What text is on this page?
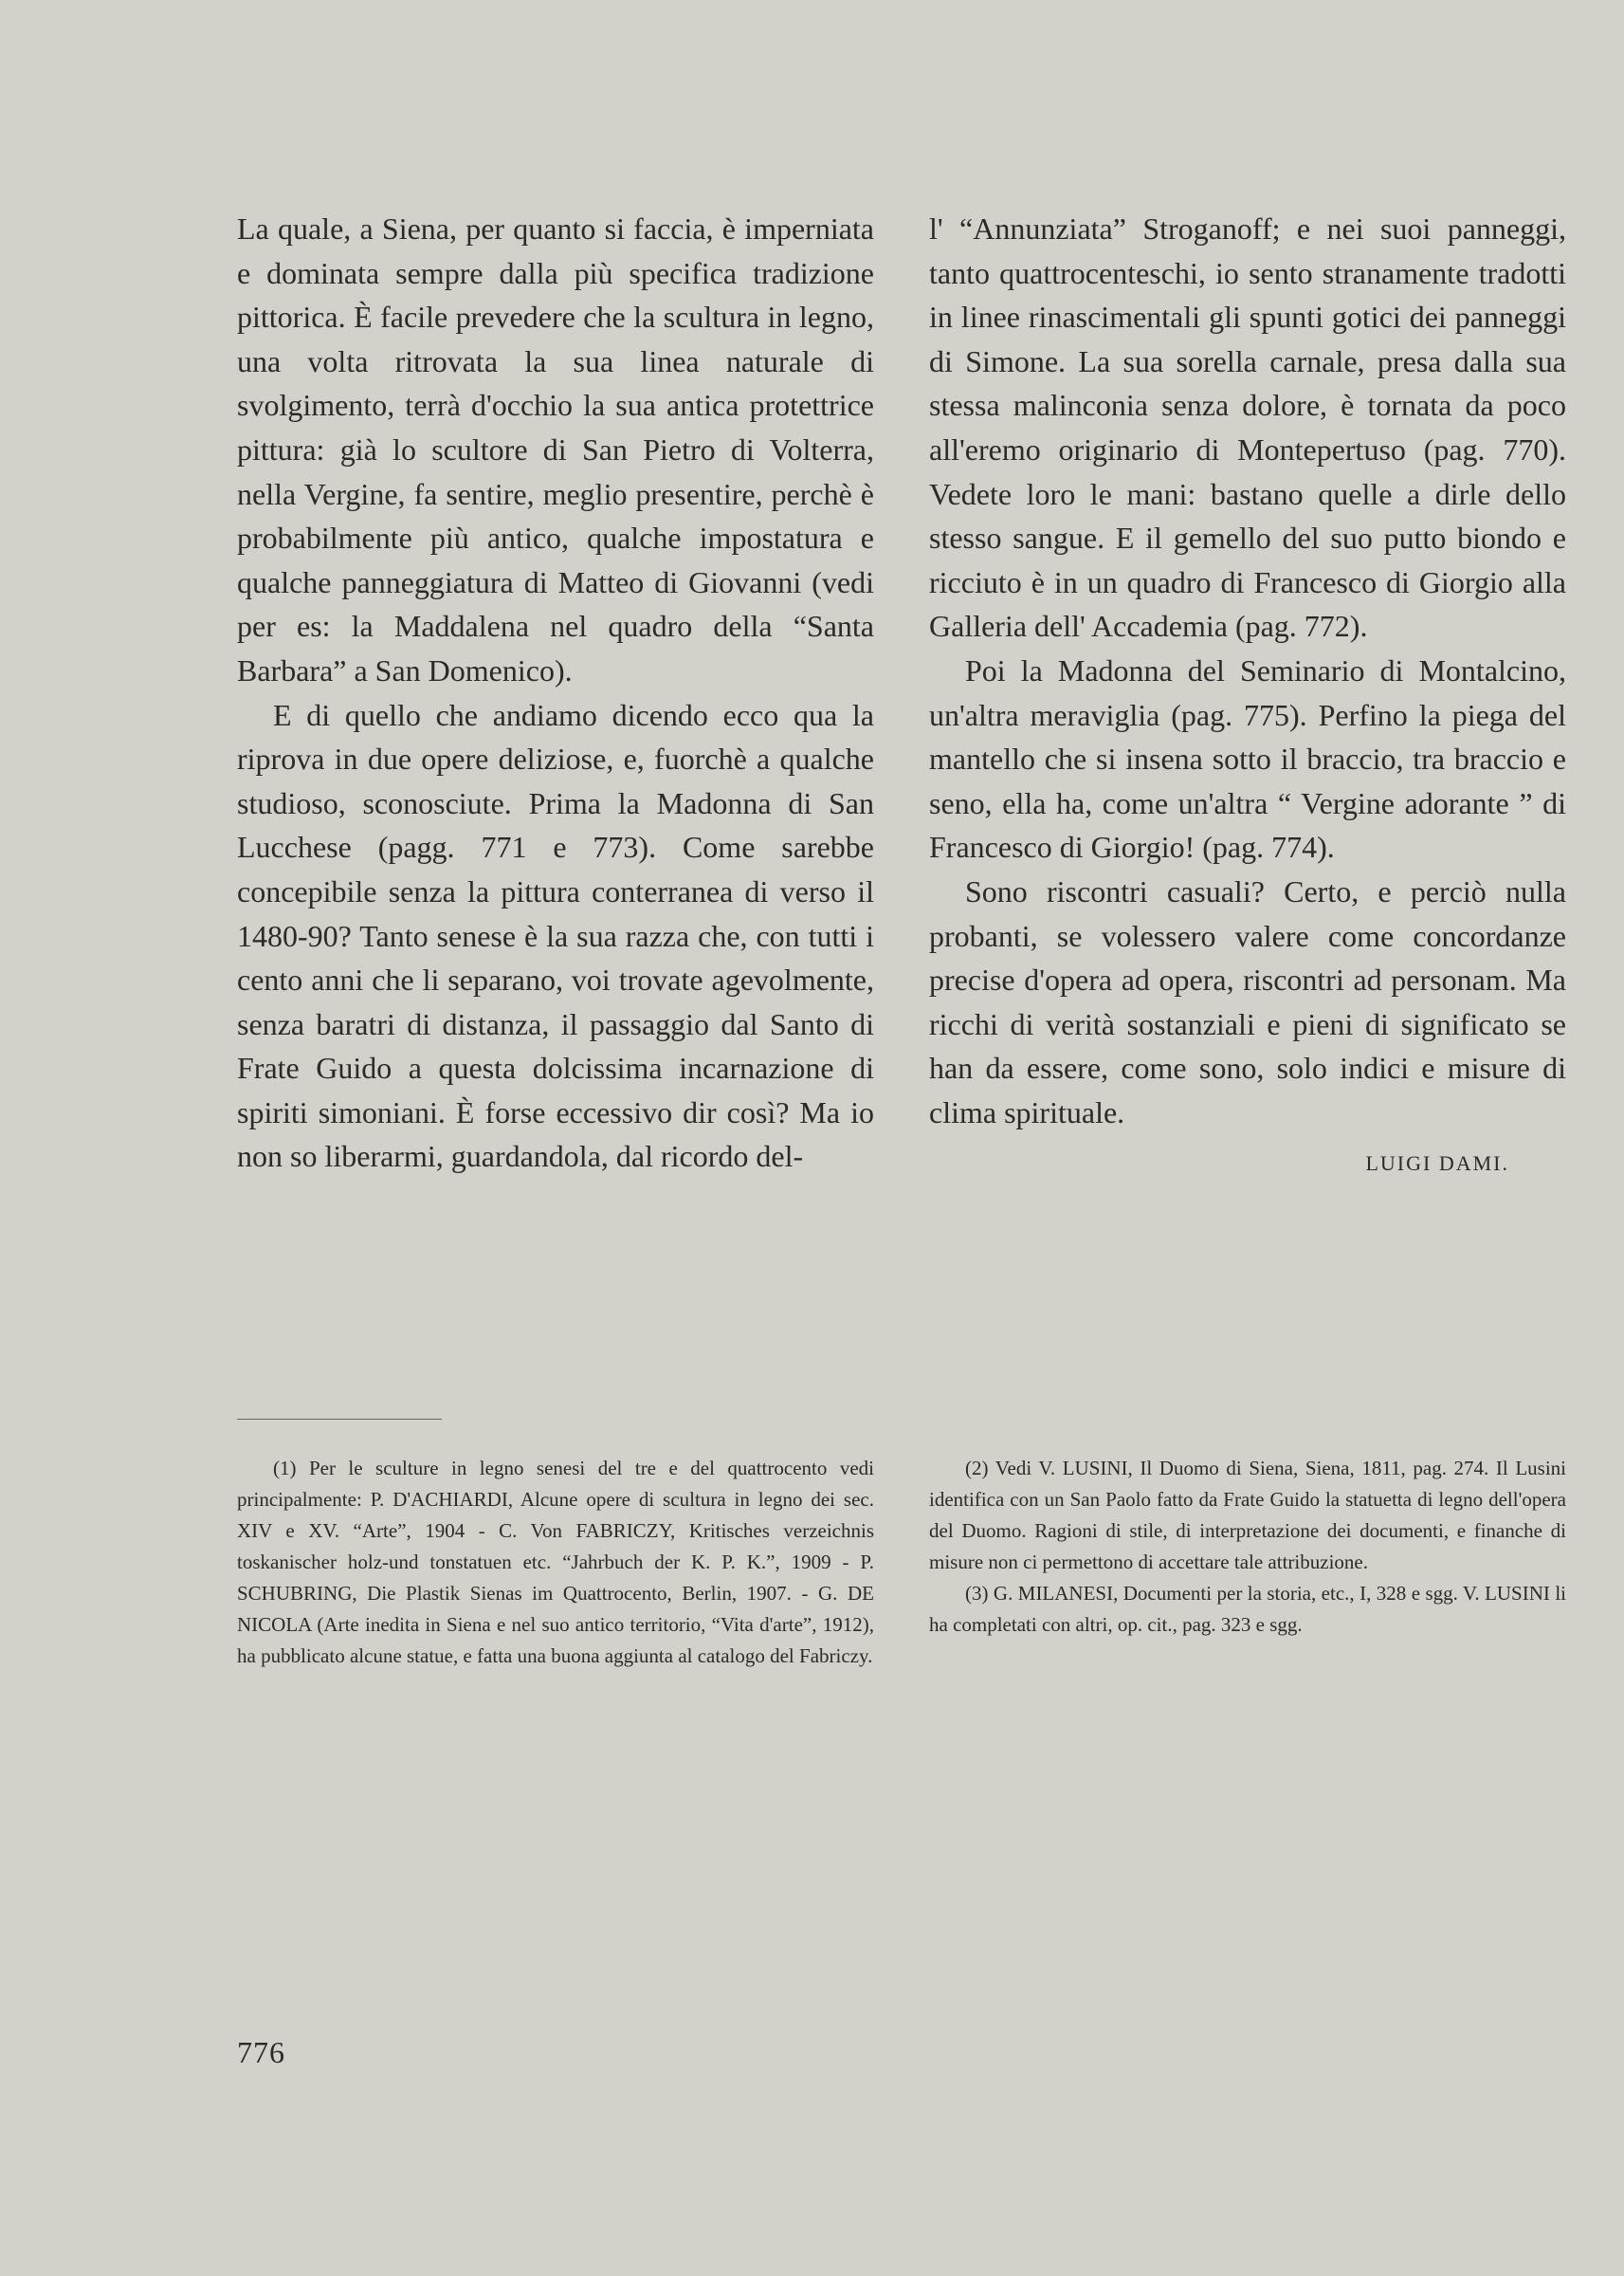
La quale, a Siena, per quanto si faccia, è imperniata e dominata sempre dalla più specifica tradizione pittorica. È facile prevedere che la scultura in legno, una volta ritrovata la sua linea naturale di svolgimento, terrà d'occhio la sua antica protettrice pittura: già lo scultore di San Pietro di Volterra, nella Vergine, fa sentire, meglio presentire, perchè è probabilmente più antico, qualche impostatura e qualche panneggiatura di Matteo di Giovanni (vedi per es: la Maddalena nel quadro della “Santa Barbara” a San Domenico).

E di quello che andiamo dicendo ecco qua la riprova in due opere deliziose, e, fuorchè a qualche studioso, sconosciute. Prima la Madonna di San Lucchese (pagg. 771 e 773). Come sarebbe concepibile senza la pittura conterranea di verso il 1480-90? Tanto senese è la sua razza che, con tutti i cento anni che li separano, voi trovate agevolmente, senza baratri di distanza, il passaggio dal Santo di Frate Guido a questa dolcissima incarnazione di spiriti simoniani. È forse eccessivo dir così? Ma io non so liberarmi, guardandola, dal ricordo del-

l' “Annunziata” Stroganoff; e nei suoi panneggi, tanto quattrocenteschi, io sento stranamente tradotti in linee rinascimentali gli spunti gotici dei panneggi di Simone. La sua sorella carnale, presa dalla sua stessa malinconia senza dolore, è tornata da poco all'eremo originario di Montepertuso (pag. 770). Vedete loro le mani: bastano quelle a dirle dello stesso sangue. E il gemello del suo putto biondo e ricciuto è in un quadro di Francesco di Giorgio alla Galleria dell' Accademia (pag. 772).

Poi la Madonna del Seminario di Montalcino, un'altra meraviglia (pag. 775). Perfino la piega del mantello che si insena sotto il braccio, tra braccio e seno, ella ha, come un'altra “ Vergine adorante ” di Francesco di Giorgio! (pag. 774).

Sono riscontri casuali? Certo, e perciò nulla probanti, se volessero valere come concordanze precise d'opera ad opera, riscontri ad personam. Ma ricchi di verità sostanziali e pieni di significato se han da essere, come sono, solo indici e misure di clima spirituale.

LUIGI DAMI.

(1) Per le sculture in legno senesi del tre e del quattrocento vedi principalmente: P. D'ACHIARDI, Alcune opere di scultura in legno dei sec. XIV e XV. “Arte”, 1904 - C. Von FABRICZY, Kritisches verzeichnis toskanischer holz-und tonstatuen etc. “Jahrbuch der K. P. K.”, 1909 - P. SCHUBRING, Die Plastik Sienas im Quattrocento, Berlin, 1907. - G. DE NICOLA (Arte inedita in Siena e nel suo antico territorio, “Vita d'arte”, 1912), ha pubblicato alcune statue, e fatta una buona aggiunta al catalogo del Fabriczy.

(2) Vedi V. LUSINI, Il Duomo di Siena, Siena, 1811, pag. 274. Il Lusini identifica con un San Paolo fatto da Frate Guido la statuetta di legno dell'opera del Duomo. Ragioni di stile, di interpretazione dei documenti, e finanche di misure non ci permettono di accettare tale attribuzione.

(3) G. MILANESI, Documenti per la storia, etc., I, 328 e sgg. V. LUSINI li ha completati con altri, op. cit., pag. 323 e sgg.

776
